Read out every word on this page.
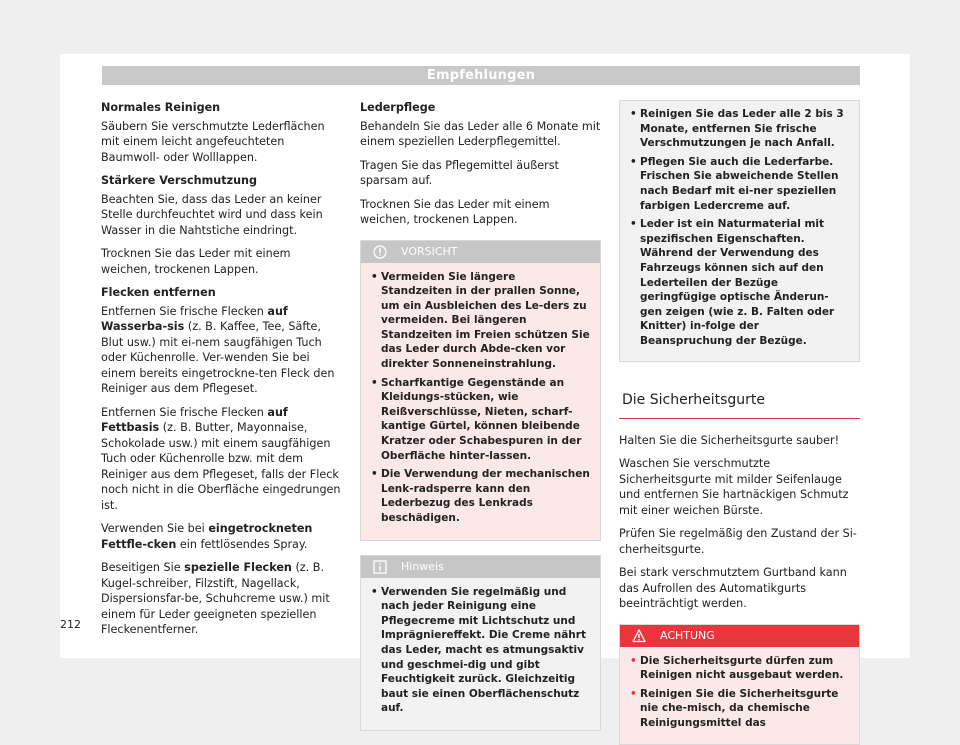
Empfehlungen
Normales Reinigen
Säubern Sie verschmutzte Lederflächen mit einem leicht angefeuchteten Baumwoll- oder Wolllappen.
Stärkere Verschmutzung
Beachten Sie, dass das Leder an keiner Stelle durchfeuchtet wird und dass kein Wasser in die Nahtstiche eindringt.
Trocknen Sie das Leder mit einem weichen, trockenen Lappen.
Flecken entfernen
Entfernen Sie frische Flecken auf Wasserba-sis (z. B. Kaffee, Tee, Säfte, Blut usw.) mit ei-nem saugfähigen Tuch oder Küchenrolle. Ver-wenden Sie bei einem bereits eingetrockne-ten Fleck den Reiniger aus dem Pflegeset.
Entfernen Sie frische Flecken auf Fettbasis (z. B. Butter, Mayonnaise, Schokolade usw.) mit einem saugfähigen Tuch oder Küchenrolle bzw. mit dem Reiniger aus dem Pflegeset, falls der Fleck noch nicht in die Oberfläche eingedrungen ist.
Verwenden Sie bei eingetrockneten Fettfle-cken ein fettlösendes Spray.
Beseitigen Sie spezielle Flecken (z. B. Kugel-schreiber, Filzstift, Nagellack, Dispersionsfar-be, Schuhcreme usw.) mit einem für Leder geeigneten speziellen Fleckenentferner.
Lederpflege
Behandeln Sie das Leder alle 6 Monate mit einem speziellen Lederpflegemittel.
Tragen Sie das Pflegemittel äußerst sparsam auf.
Trocknen Sie das Leder mit einem weichen, trockenen Lappen.
VORSICHT
• Vermeiden Sie längere Standzeiten in der prallen Sonne, um ein Ausbleichen des Le-ders zu vermeiden. Bei längeren Standzeiten im Freien schützen Sie das Leder durch Abde-cken vor direkter Sonneneinstrahlung.
• Scharfkantige Gegenstände an Kleidungs-stücken, wie Reißverschlüsse, Nieten, scharf-kantige Gürtel, können bleibende Kratzer oder Schabespuren in der Oberfläche hinter-lassen.
• Die Verwendung der mechanischen Lenk-radsperre kann den Lederbezug des Lenkrads beschädigen.
Hinweis
• Verwenden Sie regelmäßig und nach jeder Reinigung eine Pflegecreme mit Lichtschutz und Imprägniereffekt. Die Creme nährt das Leder, macht es atmungsaktiv und geschmei-dig und gibt Feuchtigkeit zurück. Gleichzeitig baut sie einen Oberflächenschutz auf.
• Reinigen Sie das Leder alle 2 bis 3 Monate, entfernen Sie frische Verschmutzungen je nach Anfall.
• Pflegen Sie auch die Lederfarbe. Frischen Sie abweichende Stellen nach Bedarf mit ei-ner speziellen farbigen Ledercreme auf.
• Leder ist ein Naturmaterial mit spezifischen Eigenschaften. Während der Verwendung des Fahrzeugs können sich auf den Lederteilen der Bezüge geringfügige optische Änderun-gen zeigen (wie z. B. Falten oder Knitter) in-folge der Beanspruchung der Bezüge.
Die Sicherheitsgurte
Halten Sie die Sicherheitsgurte sauber!
Waschen Sie verschmutzte Sicherheitsgurte mit milder Seifenlauge und entfernen Sie hartnäckigen Schmutz mit einer weichen Bürste.
Prüfen Sie regelmäßig den Zustand der Si-cherheitsgurte.
Bei stark verschmutztem Gurtband kann das Aufrollen des Automatikgurts beeinträchtigt werden.
ACHTUNG
• Die Sicherheitsgurte dürfen zum Reinigen nicht ausgebaut werden.
• Reinigen Sie die Sicherheitsgurte nie che-misch, da chemische Reinigungsmittel das
212
